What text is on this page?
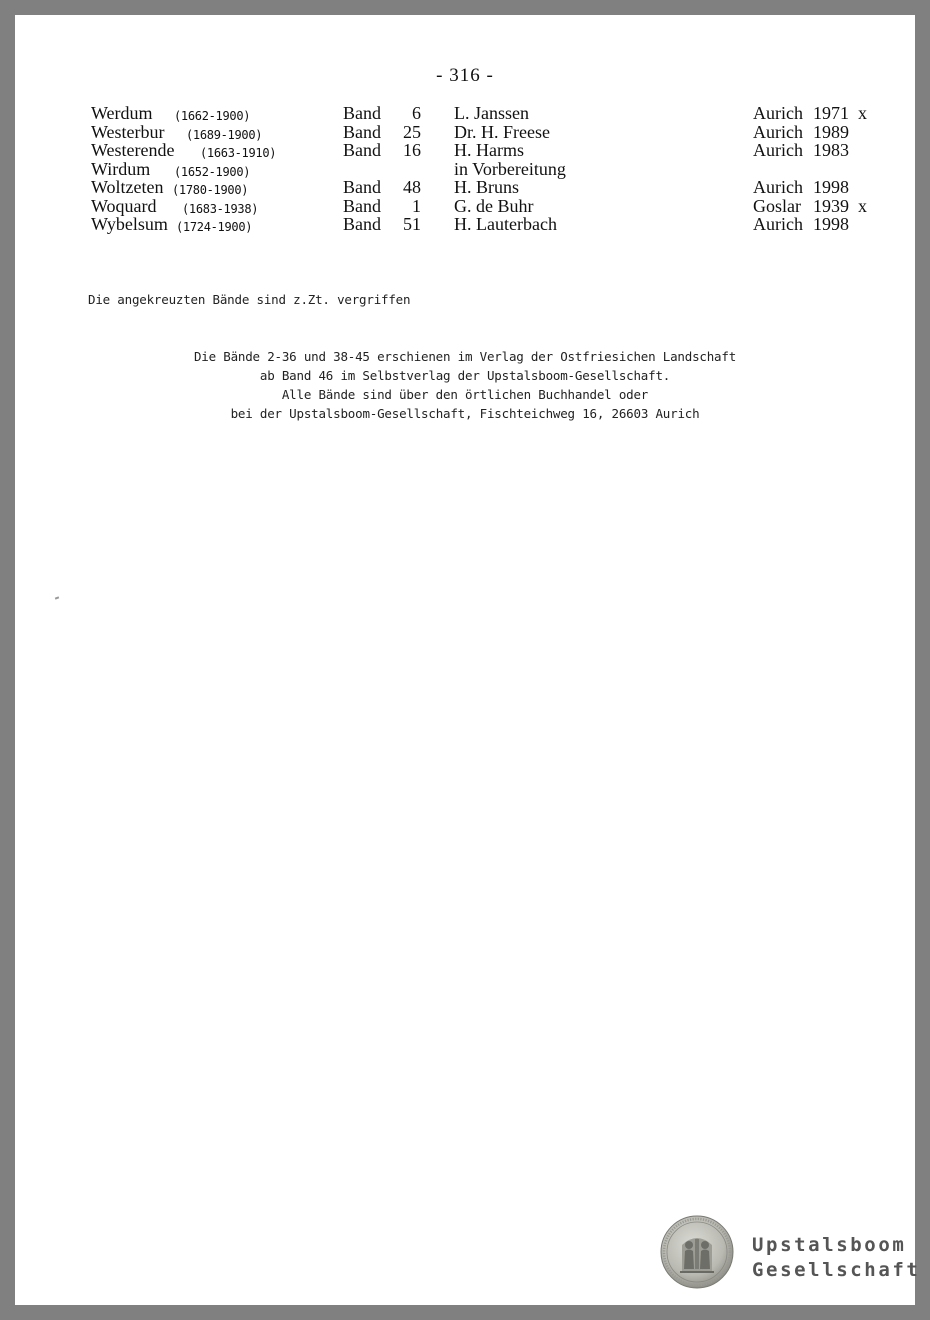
- 316 -
Werdum (1662-1900)	Band	6 L. Janssen	Aurich 1971 x
Westerbur (1689-1900)	Band	25 Dr. H. Freese	Aurich 1989
Westerende (1663-1910)	Band	16 H. Harms	Aurich 1983
Wirdum (1652-1900)	in Vorbereitung
Woltzeten (1780-1900)	Band	48 H. Bruns	Aurich 1998
Woquard (1683-1938)	Band	1 G. de Buhr	Goslar 1939 x
Wybelsum (1724-1900)	Band	51 H. Lauterbach	Aurich 1998
Die angekreuzten Bände sind z.Zt. vergriffen
Die Bände 2-36 und 38-45 erschienen im Verlag der Ostfriesichen Landschaft
ab Band 46 im Selbstverlag der Upstalsboom-Gesellschaft.
Alle Bände sind über den örtlichen Buchhandel oder
bei der Upstalsboom-Gesellschaft, Fischteichweg 16, 26603 Aurich
Upstalsboom
Gesellschaft
